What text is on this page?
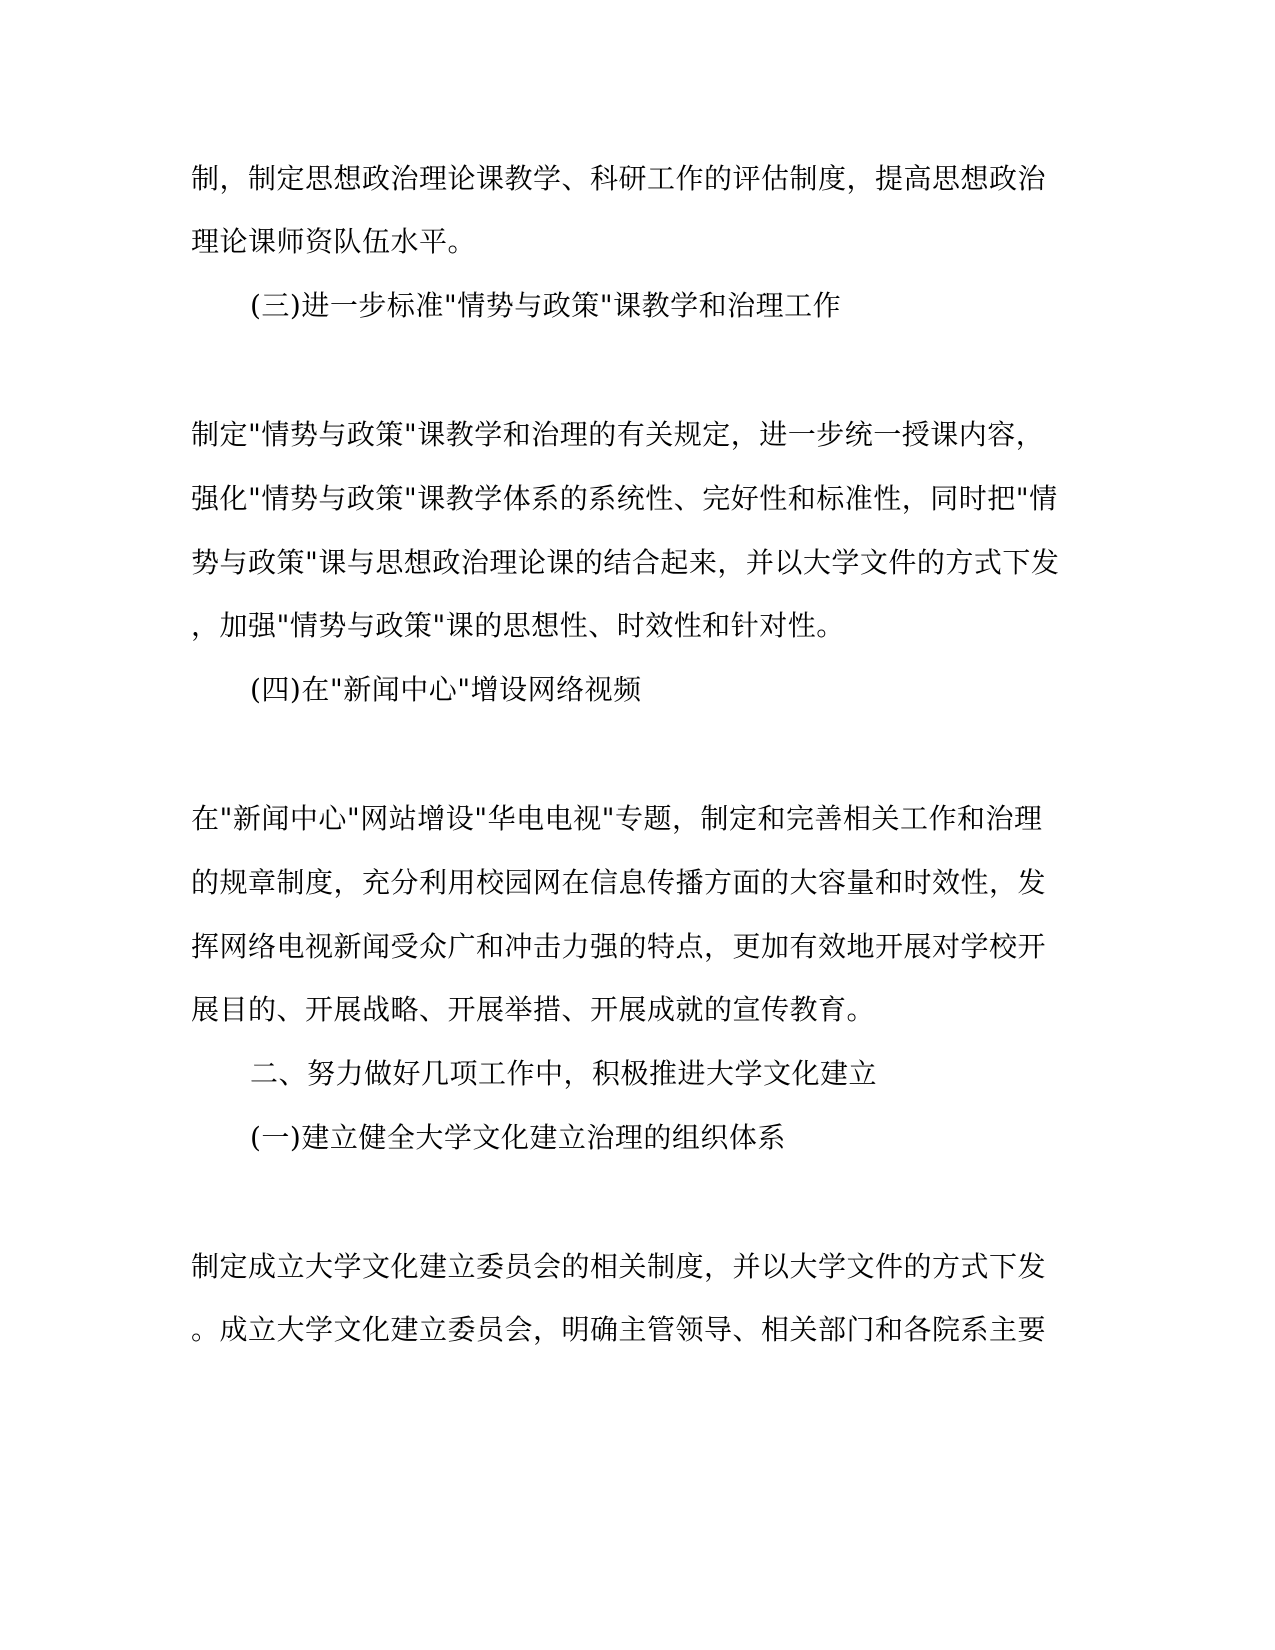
制，制定思想政治理论课教学、科研工作的评估制度，提高思想政治
理论课师资队伍水平。
(三)进一步标准"情势与政策"课教学和治理工作
制定"情势与政策"课教学和治理的有关规定，进一步统一授课内容，
强化"情势与政策"课教学体系的系统性、完好性和标准性，同时把"情
势与政策"课与思想政治理论课的结合起来，并以大学文件的方式下发
，加强"情势与政策"课的思想性、时效性和针对性。
(四)在"新闻中心"增设网络视频
在"新闻中心"网站增设"华电电视"专题，制定和完善相关工作和治理
的规章制度，充分利用校园网在信息传播方面的大容量和时效性，发
挥网络电视新闻受众广和冲击力强的特点，更加有效地开展对学校开
展目的、开展战略、开展举措、开展成就的宣传教育。
二、努力做好几项工作中，积极推进大学文化建立
(一)建立健全大学文化建立治理的组织体系
制定成立大学文化建立委员会的相关制度，并以大学文件的方式下发
。成立大学文化建立委员会，明确主管领导、相关部门和各院系主要
